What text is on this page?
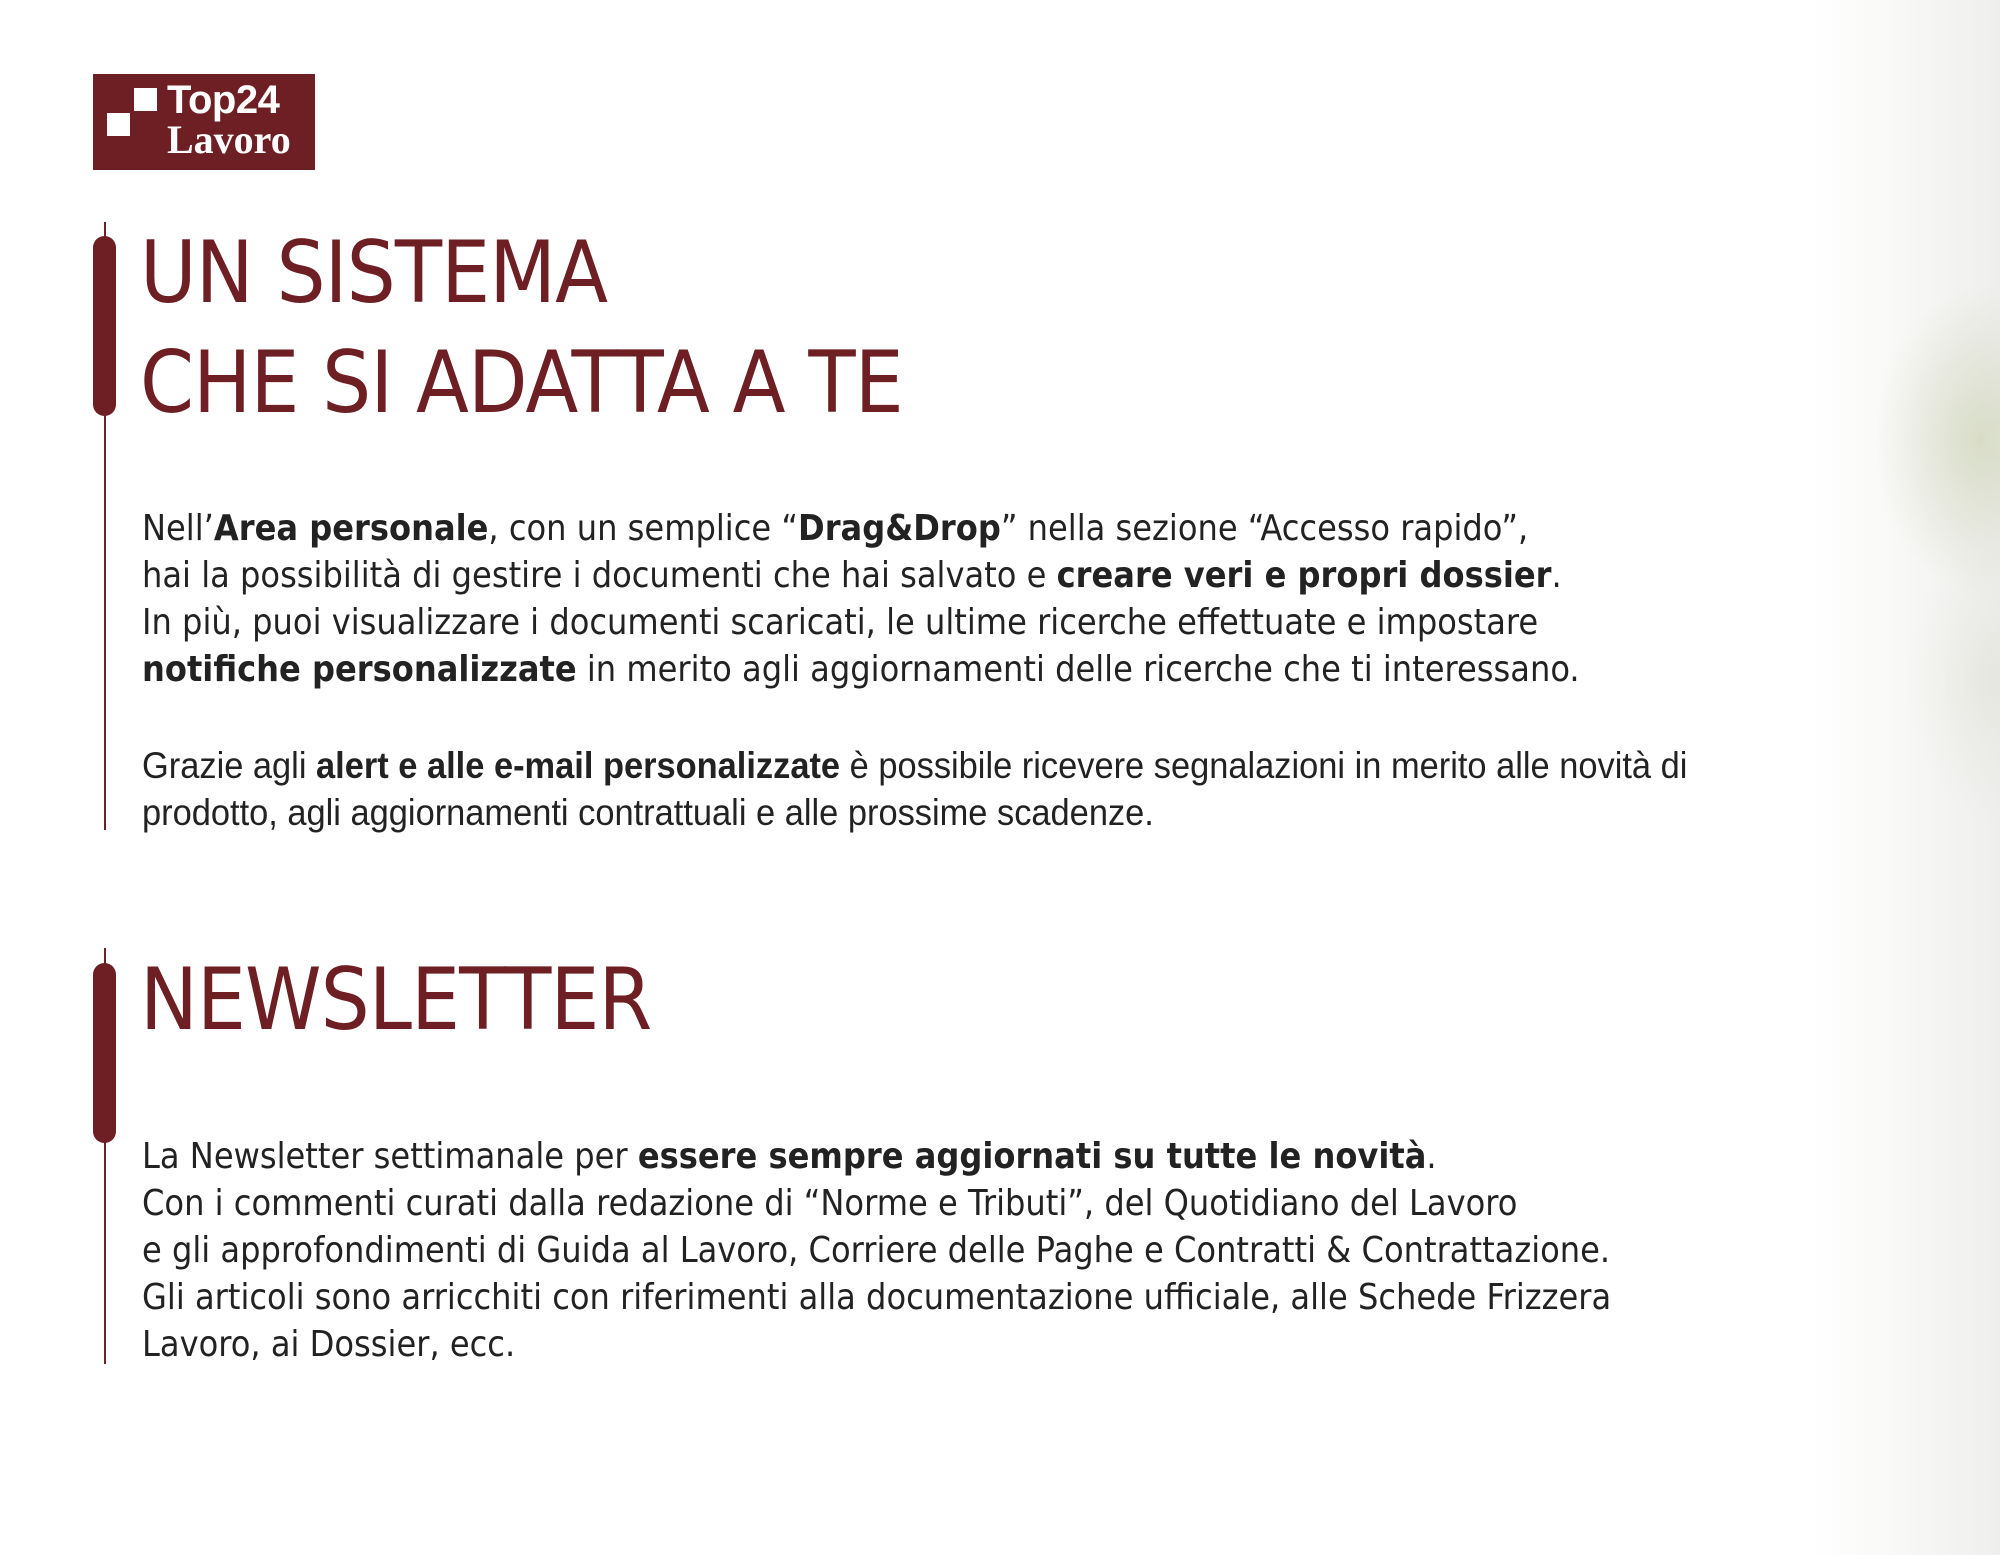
Top24
Lavoro
UN SISTEMA
CHE SI ADATTA A TE

Nell’Area personale, con un semplice “Drag&Drop” nella sezione “Accesso rapido”,
hai la possibilità di gestire i documenti che hai salvato e creare veri e propri dossier.
In più, puoi visualizzare i documenti scaricati, le ultime ricerche effettuate e impostare
notifiche personalizzate in merito agli aggiornamenti delle ricerche che ti interessano.

Grazie agli alert e alle e-mail personalizzate è possibile ricevere segnalazioni in merito alle novità di
prodotto, agli aggiornamenti contrattuali e alle prossime scadenze.

NEWSLETTER

La Newsletter settimanale per essere sempre aggiornati su tutte le novità.
Con i commenti curati dalla redazione di “Norme e Tributi”, del Quotidiano del Lavoro
e gli approfondimenti di Guida al Lavoro, Corriere delle Paghe e Contratti & Contrattazione.
Gli articoli sono arricchiti con riferimenti alla documentazione ufficiale, alle Schede Frizzera
Lavoro, ai Dossier, ecc.
